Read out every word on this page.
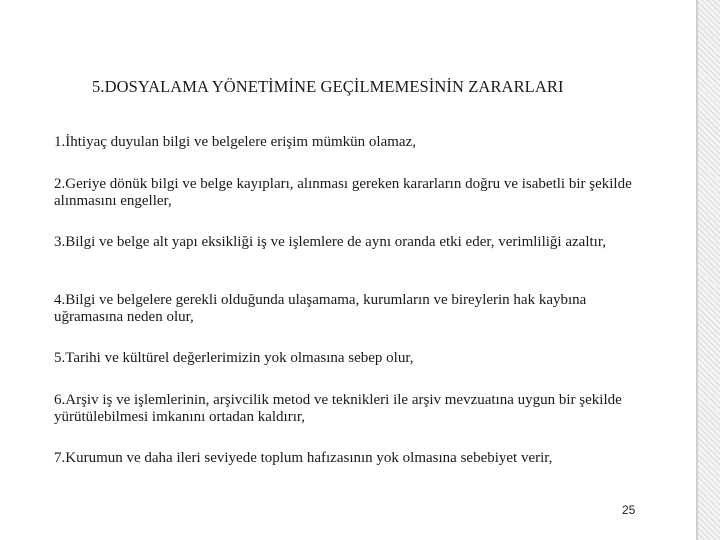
5.DOSYALAMA YÖNETİMİNE GEÇİLMEMESİNİN ZARARLARI
1.İhtiyaç duyulan bilgi ve belgelere erişim mümkün olamaz,
2.Geriye dönük bilgi ve belge kayıpları, alınması gereken kararların doğru ve isabetli bir şekilde alınmasını engeller,
3.Bilgi ve belge alt yapı eksikliği iş ve işlemlere de aynı oranda etki eder, verimliliği azaltır,
4.Bilgi ve belgelere gerekli olduğunda ulaşamama, kurumların ve bireylerin hak kaybına uğramasına neden olur,
5.Tarihi ve kültürel değerlerimizin yok olmasına sebep olur,
6.Arşiv iş ve işlemlerinin, arşivcilik metod ve teknikleri ile arşiv mevzuatına uygun bir şekilde yürütülebilmesi imkanını ortadan kaldırır,
7.Kurumun ve daha ileri seviyede toplum hafızasının yok olmasına sebebiyet verir,
25
